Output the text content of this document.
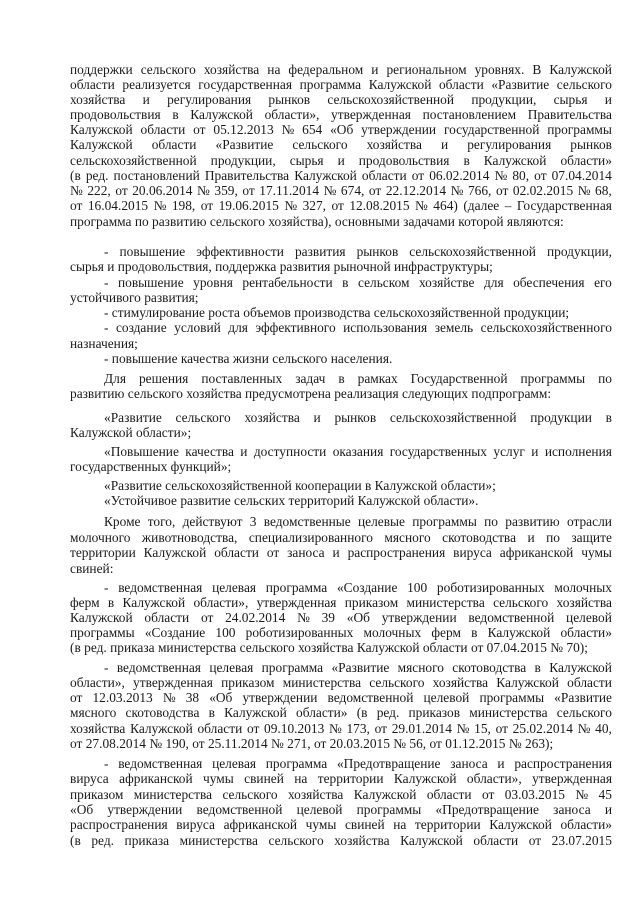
поддержки сельского хозяйства на федеральном и региональном уровнях. В Калужской
области реализуется государственная программа Калужской области «Развитие сельского
хозяйства и регулирования рынков сельскохозяйственной продукции, сырья и
продовольствия в Калужской области», утвержденная постановлением Правительства
Калужской области от 05.12.2013 № 654 «Об утверждении государственной программы
Калужской области «Развитие сельского хозяйства и регулирования рынков
сельскохозяйственной продукции, сырья и продовольствия в Калужской области»
(в ред. постановлений Правительства Калужской области от 06.02.2014 № 80, от 07.04.2014
№ 222, от 20.06.2014 № 359, от 17.11.2014 № 674, от 22.12.2014 № 766, от 02.02.2015 № 68,
от 16.04.2015 № 198, от 19.06.2015 № 327, от 12.08.2015 № 464) (далее – Государственная
программа по развитию сельского хозяйства), основными задачами которой являются:
- повышение эффективности развития рынков сельскохозяйственной продукции,
сырья и продовольствия, поддержка развития рыночной инфраструктуры;
- повышение уровня рентабельности в сельском хозяйстве для обеспечения его
устойчивого развития;
- стимулирование роста объемов производства сельскохозяйственной продукции;
- создание условий для эффективного использования земель сельскохозяйственного
назначения;
- повышение качества жизни сельского населения.
Для решения поставленных задач в рамках Государственной программы по
развитию сельского хозяйства предусмотрена реализация следующих подпрограмм:
«Развитие сельского хозяйства и рынков сельскохозяйственной продукции в
Калужской области»;
«Повышение качества и доступности оказания государственных услуг и исполнения
государственных функций»;
«Развитие сельскохозяйственной кооперации в Калужской области»;
«Устойчивое развитие сельских территорий Калужской области».
Кроме того, действуют 3 ведомственные целевые программы по развитию отрасли
молочного животноводства, специализированного мясного скотоводства и по защите
территории Калужской области от заноса и распространения вируса африканской чумы
свиней:
- ведомственная целевая программа «Создание 100 роботизированных молочных
ферм в Калужской области», утвержденная приказом министерства сельского хозяйства
Калужской области от 24.02.2014 № 39 «Об утверждении ведомственной целевой
программы «Создание 100 роботизированных молочных ферм в Калужской области»
(в ред. приказа министерства сельского хозяйства Калужской области от 07.04.2015 № 70);
- ведомственная целевая программа «Развитие мясного скотоводства в Калужской
области», утвержденная приказом министерства сельского хозяйства Калужской области
от 12.03.2013 № 38 «Об утверждении ведомственной целевой программы «Развитие
мясного скотоводства в Калужской области» (в ред. приказов министерства сельского
хозяйства Калужской области от 09.10.2013 № 173, от 29.01.2014 № 15, от 25.02.2014 № 40,
от 27.08.2014 № 190, от 25.11.2014 № 271, от 20.03.2015 № 56, от 01.12.2015 № 263);
- ведомственная целевая программа «Предотвращение заноса и распространения
вируса африканской чумы свиней на территории Калужской области», утвержденная
приказом министерства сельского хозяйства Калужской области от 03.03.2015 № 45
«Об утверждении ведомственной целевой программы «Предотвращение заноса и
распространения вируса африканской чумы свиней на территории Калужской области»
(в ред. приказа министерства сельского хозяйства Калужской области от 23.07.2015
